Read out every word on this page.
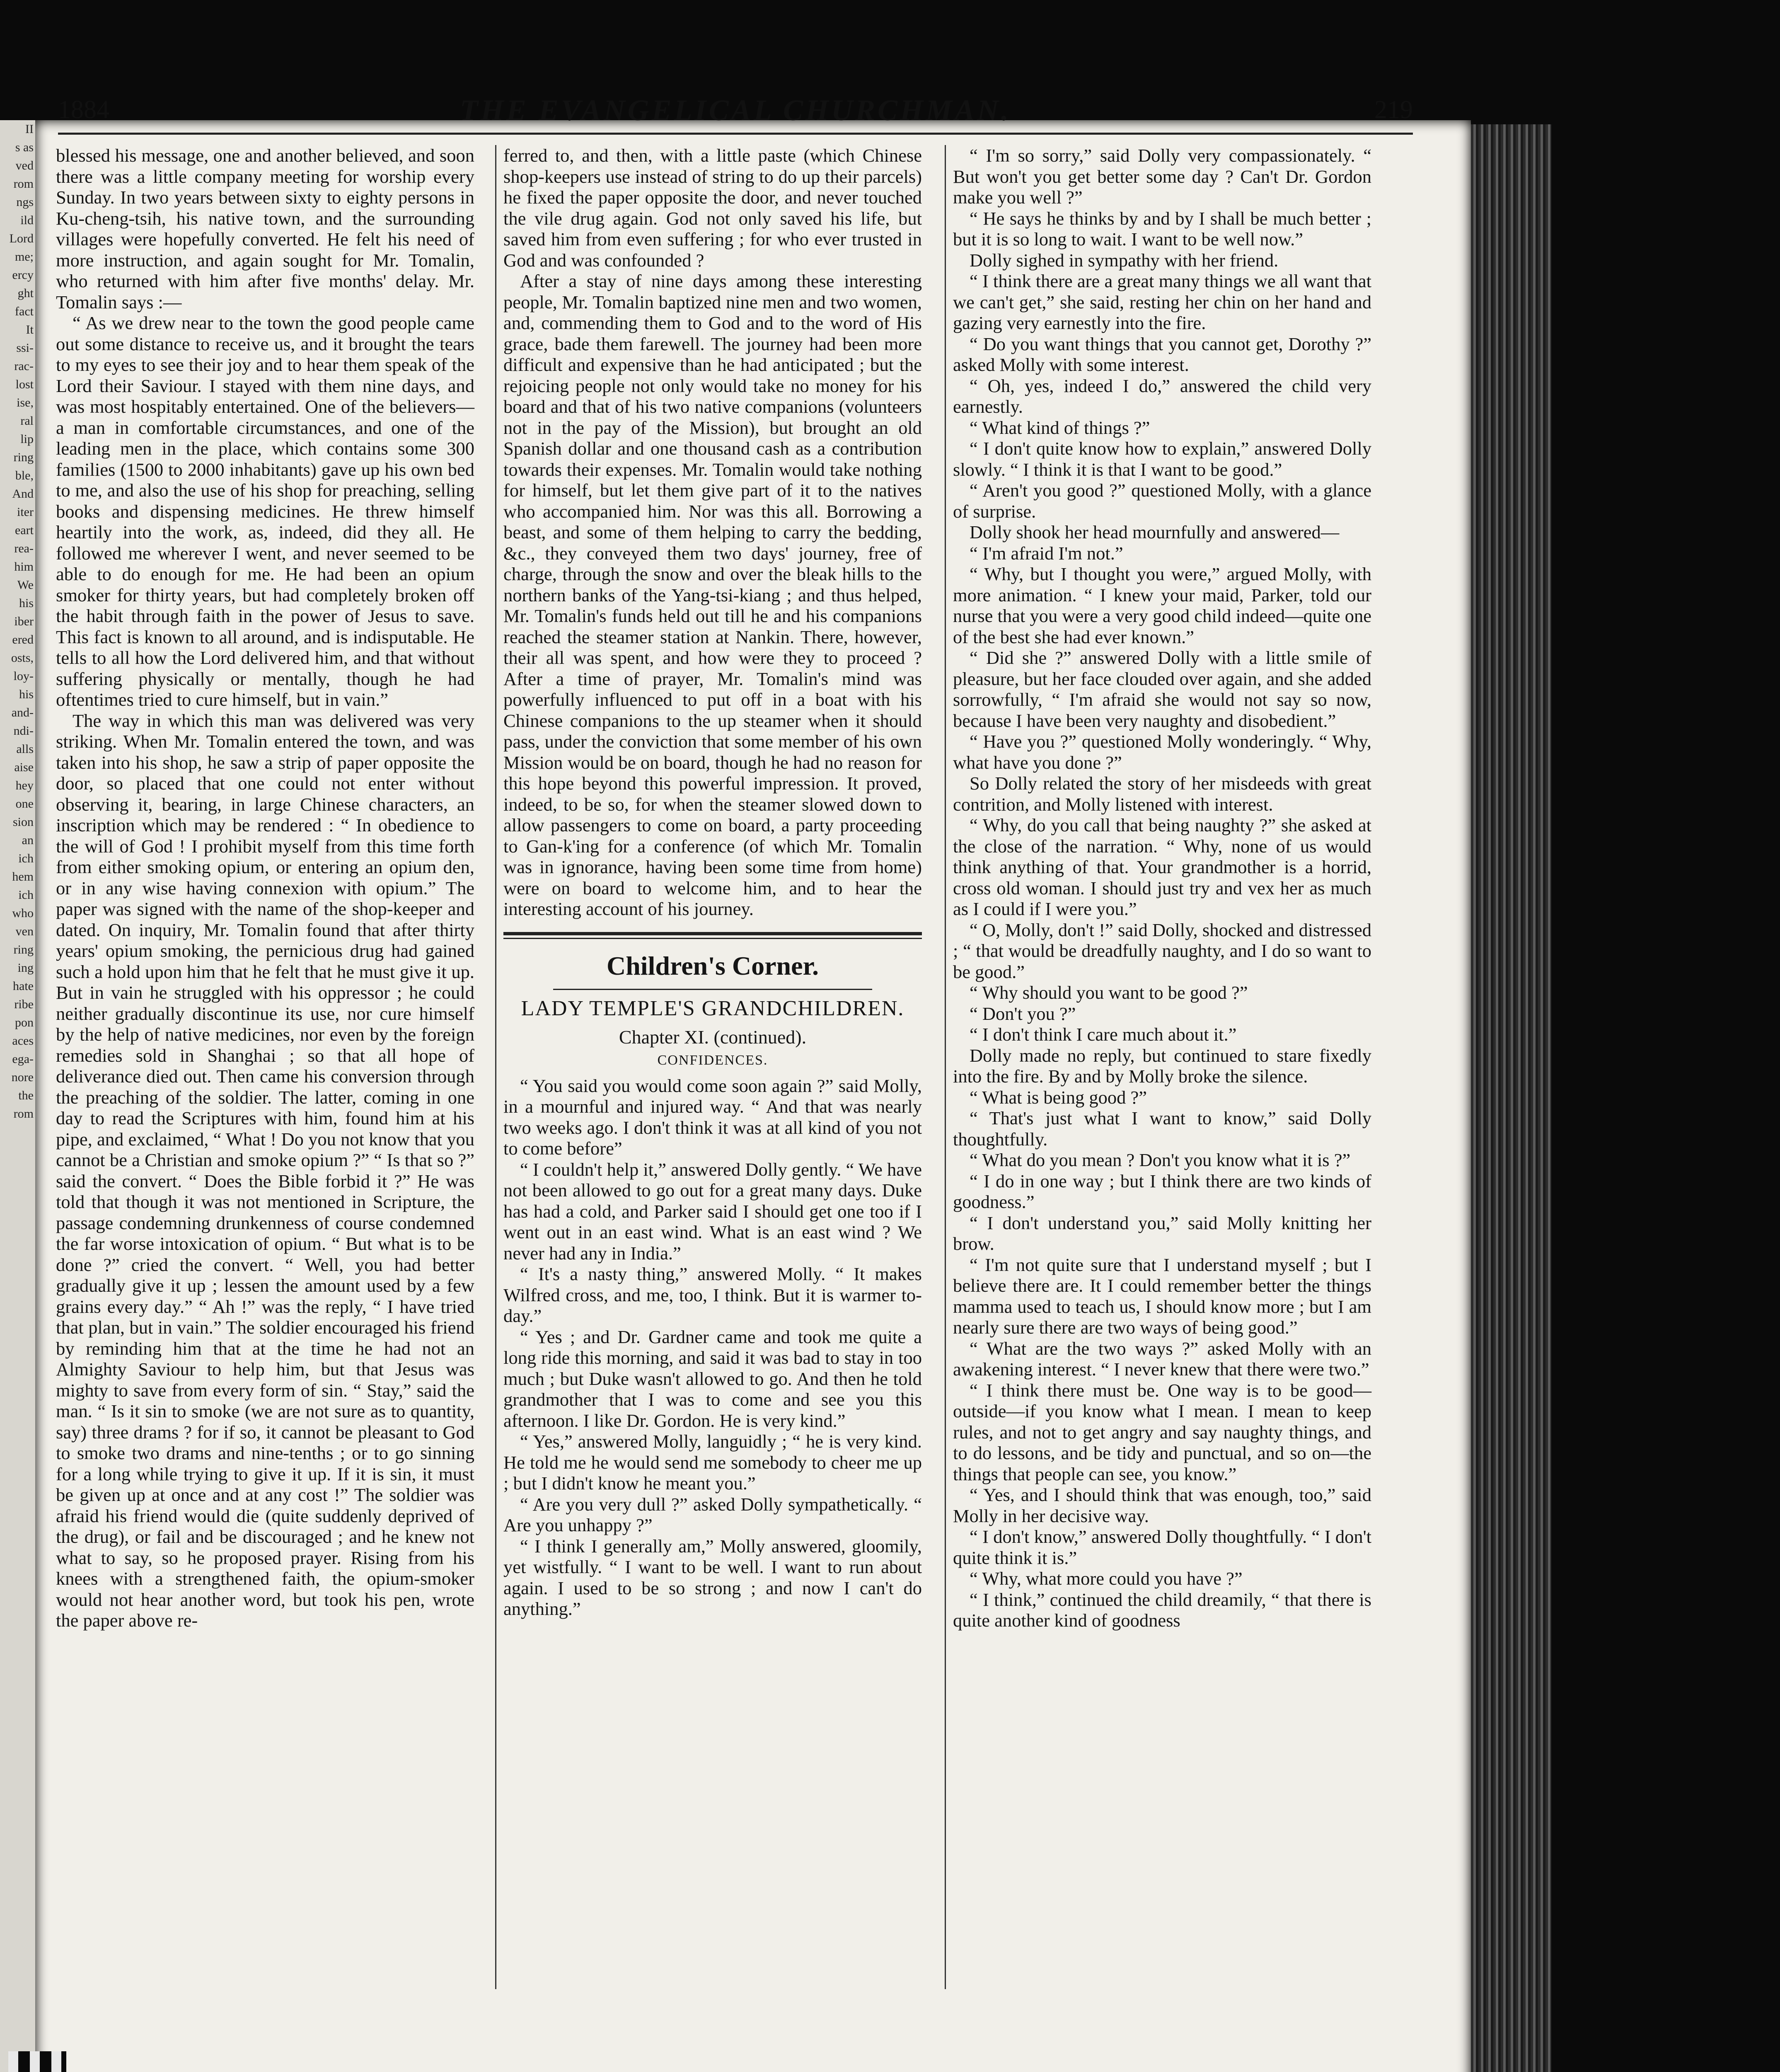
II
s as
ved
rom
ngs
ild
Lord
me;
ercy
ght
fact
It
ssi-
rac-
lost
ise,
ral
lip
ring
ble,
And
iter
eart
rea-
him
We
his
iber
ered
osts,
loy-
his
and-
ndi-
alls
aise
hey
one
sion
an
ich
hem
ich
who
ven
ring
ing
hate
ribe
pon
aces
ega-
nore
the
rom
1884	THE EVANGELICAL CHURCHMAN.	219

blessed his message, one and another believed, and soon there was a little company meeting for worship every Sunday. In two years between sixty to eighty persons in Ku-cheng-tsih, his native town, and the surrounding villages were hopefully converted. He felt his need of more instruction, and again sought for Mr. Tomalin, who returned with him after five months' delay. Mr. Tomalin says :—

“ As we drew near to the town the good people came out some distance to receive us, and it brought the tears to my eyes to see their joy and to hear them speak of the Lord their Saviour. I stayed with them nine days, and was most hospitably entertained. One of the believers—a man in comfortable circumstances, and one of the leading men in the place, which contains some 300 families (1500 to 2000 inhabitants) gave up his own bed to me, and also the use of his shop for preaching, selling books and dispensing medicines. He threw himself heartily into the work, as, indeed, did they all. He followed me wherever I went, and never seemed to be able to do enough for me. He had been an opium smoker for thirty years, but had completely broken off the habit through faith in the power of Jesus to save. This fact is known to all around, and is indisputable. He tells to all how the Lord delivered him, and that without suffering physically or mentally, though he had oftentimes tried to cure himself, but in vain.”

The way in which this man was delivered was very striking. When Mr. Tomalin entered the town, and was taken into his shop, he saw a strip of paper opposite the door, so placed that one could not enter without observing it, bearing, in large Chinese characters, an inscription which may be rendered : “ In obedience to the will of God ! I prohibit myself from this time forth from either smoking opium, or entering an opium den, or in any wise having connexion with opium.” The paper was signed with the name of the shop-keeper and dated. On inquiry, Mr. Tomalin found that after thirty years' opium smoking, the pernicious drug had gained such a hold upon him that he felt that he must give it up. But in vain he struggled with his oppressor ; he could neither gradually discontinue its use, nor cure himself by the help of native medicines, nor even by the foreign remedies sold in Shanghai ; so that all hope of deliverance died out. Then came his conversion through the preaching of the soldier. The latter, coming in one day to read the Scriptures with him, found him at his pipe, and exclaimed, “ What ! Do you not know that you cannot be a Christian and smoke opium ?” “ Is that so ?” said the convert. “ Does the Bible forbid it ?” He was told that though it was not mentioned in Scripture, the passage condemning drunkenness of course condemned the far worse intoxication of opium. “ But what is to be done ?” cried the convert. “ Well, you had better gradually give it up ; lessen the amount used by a few grains every day.” “ Ah !” was the reply, “ I have tried that plan, but in vain.” The soldier encouraged his friend by reminding him that at the time he had not an Almighty Saviour to help him, but that Jesus was mighty to save from every form of sin. “ Stay,” said the man. “ Is it sin to smoke (we are not sure as to quantity, say) three drams ? for if so, it cannot be pleasant to God to smoke two drams and nine-tenths ; or to go sinning for a long while trying to give it up. If it is sin, it must be given up at once and at any cost !” The soldier was afraid his friend would die (quite suddenly deprived of the drug), or fail and be discouraged ; and he knew not what to say, so he proposed prayer. Rising from his knees with a strengthened faith, the opium-smoker would not hear another word, but took his pen, wrote the paper above re-

ferred to, and then, with a little paste (which Chinese shop-keepers use instead of string to do up their parcels) he fixed the paper opposite the door, and never touched the vile drug again. God not only saved his life, but saved him from even suffering ; for who ever trusted in God and was confounded ?

After a stay of nine days among these interesting people, Mr. Tomalin baptized nine men and two women, and, commending them to God and to the word of His grace, bade them farewell. The journey had been more difficult and expensive than he had anticipated ; but the rejoicing people not only would take no money for his board and that of his two native companions (volunteers not in the pay of the Mission), but brought an old Spanish dollar and one thousand cash as a contribution towards their expenses. Mr. Tomalin would take nothing for himself, but let them give part of it to the natives who accompanied him. Nor was this all. Borrowing a beast, and some of them helping to carry the bedding, &c., they conveyed them two days' journey, free of charge, through the snow and over the bleak hills to the northern banks of the Yang-tsi-kiang ; and thus helped, Mr. Tomalin's funds held out till he and his companions reached the steamer station at Nankin. There, however, their all was spent, and how were they to proceed ? After a time of prayer, Mr. Tomalin's mind was powerfully influenced to put off in a boat with his Chinese companions to the up steamer when it should pass, under the conviction that some member of his own Mission would be on board, though he had no reason for this hope beyond this powerful impression. It proved, indeed, to be so, for when the steamer slowed down to allow passengers to come on board, a party proceeding to Gan-k'ing for a conference (of which Mr. Tomalin was in ignorance, having been some time from home) were on board to welcome him, and to hear the interesting account of his journey.

Children's Corner.
LADY TEMPLE'S GRANDCHILDREN.
Chapter XI. (continued).
CONFIDENCES.

“ You said you would come soon again ?” said Molly, in a mournful and injured way. “ And that was nearly two weeks ago. I don't think it was at all kind of you not to come before”

“ I couldn't help it,” answered Dolly gently. “ We have not been allowed to go out for a great many days. Duke has had a cold, and Parker said I should get one too if I went out in an east wind. What is an east wind ? We never had any in India.”

“ It's a nasty thing,” answered Molly. “ It makes Wilfred cross, and me, too, I think. But it is warmer to-day.”

“ Yes ; and Dr. Gardner came and took me quite a long ride this morning, and said it was bad to stay in too much ; but Duke wasn't allowed to go. And then he told grandmother that I was to come and see you this afternoon. I like Dr. Gordon. He is very kind.”

“ Yes,” answered Molly, languidly ; “ he is very kind. He told me he would send me somebody to cheer me up ; but I didn't know he meant you.”

“ Are you very dull ?” asked Dolly sympathetically. “ Are you unhappy ?”

“ I think I generally am,” Molly answered, gloomily, yet wistfully. “ I want to be well. I want to run about again. I used to be so strong ; and now I can't do anything.”

“ I'm so sorry,” said Dolly very compassionately. “ But won't you get better some day ? Can't Dr. Gordon make you well ?”

“ He says he thinks by and by I shall be much better ; but it is so long to wait. I want to be well now.”

Dolly sighed in sympathy with her friend.

“ I think there are a great many things we all want that we can't get,” she said, resting her chin on her hand and gazing very earnestly into the fire.

“ Do you want things that you cannot get, Dorothy ?” asked Molly with some interest.

“ Oh, yes, indeed I do,” answered the child very earnestly.

“ What kind of things ?”

“ I don't quite know how to explain,” answered Dolly slowly. “ I think it is that I want to be good.”

“ Aren't you good ?” questioned Molly, with a glance of surprise.

Dolly shook her head mournfully and answered—

“ I'm afraid I'm not.”

“ Why, but I thought you were,” argued Molly, with more animation. “ I knew your maid, Parker, told our nurse that you were a very good child indeed—quite one of the best she had ever known.”

“ Did she ?” answered Dolly with a little smile of pleasure, but her face clouded over again, and she added sorrowfully, “ I'm afraid she would not say so now, because I have been very naughty and disobedient.”

“ Have you ?” questioned Molly wonderingly. “ Why, what have you done ?”

So Dolly related the story of her misdeeds with great contrition, and Molly listened with interest.

“ Why, do you call that being naughty ?” she asked at the close of the narration. “ Why, none of us would think anything of that. Your grandmother is a horrid, cross old woman. I should just try and vex her as much as I could if I were you.”

“ O, Molly, don't !” said Dolly, shocked and distressed ; “ that would be dreadfully naughty, and I do so want to be good.”

“ Why should you want to be good ?”

“ Don't you ?”

“ I don't think I care much about it.”

Dolly made no reply, but continued to stare fixedly into the fire. By and by Molly broke the silence.

“ What is being good ?”

“ That's just what I want to know,” said Dolly thoughtfully.

“ What do you mean ? Don't you know what it is ?”

“ I do in one way ; but I think there are two kinds of goodness.”

“ I don't understand you,” said Molly knitting her brow.

“ I'm not quite sure that I understand myself ; but I believe there are. It I could remember better the things mamma used to teach us, I should know more ; but I am nearly sure there are two ways of being good.”

“ What are the two ways ?” asked Molly with an awakening interest. “ I never knew that there were two.”

“ I think there must be. One way is to be good—outside—if you know what I mean. I mean to keep rules, and not to get angry and say naughty things, and to do lessons, and be tidy and punctual, and so on—the things that people can see, you know.”

“ Yes, and I should think that was enough, too,” said Molly in her decisive way.

“ I don't know,” answered Dolly thoughtfully. “ I don't quite think it is.”

“ Why, what more could you have ?”

“ I think,” continued the child dreamily, “ that there is quite another kind of goodness
